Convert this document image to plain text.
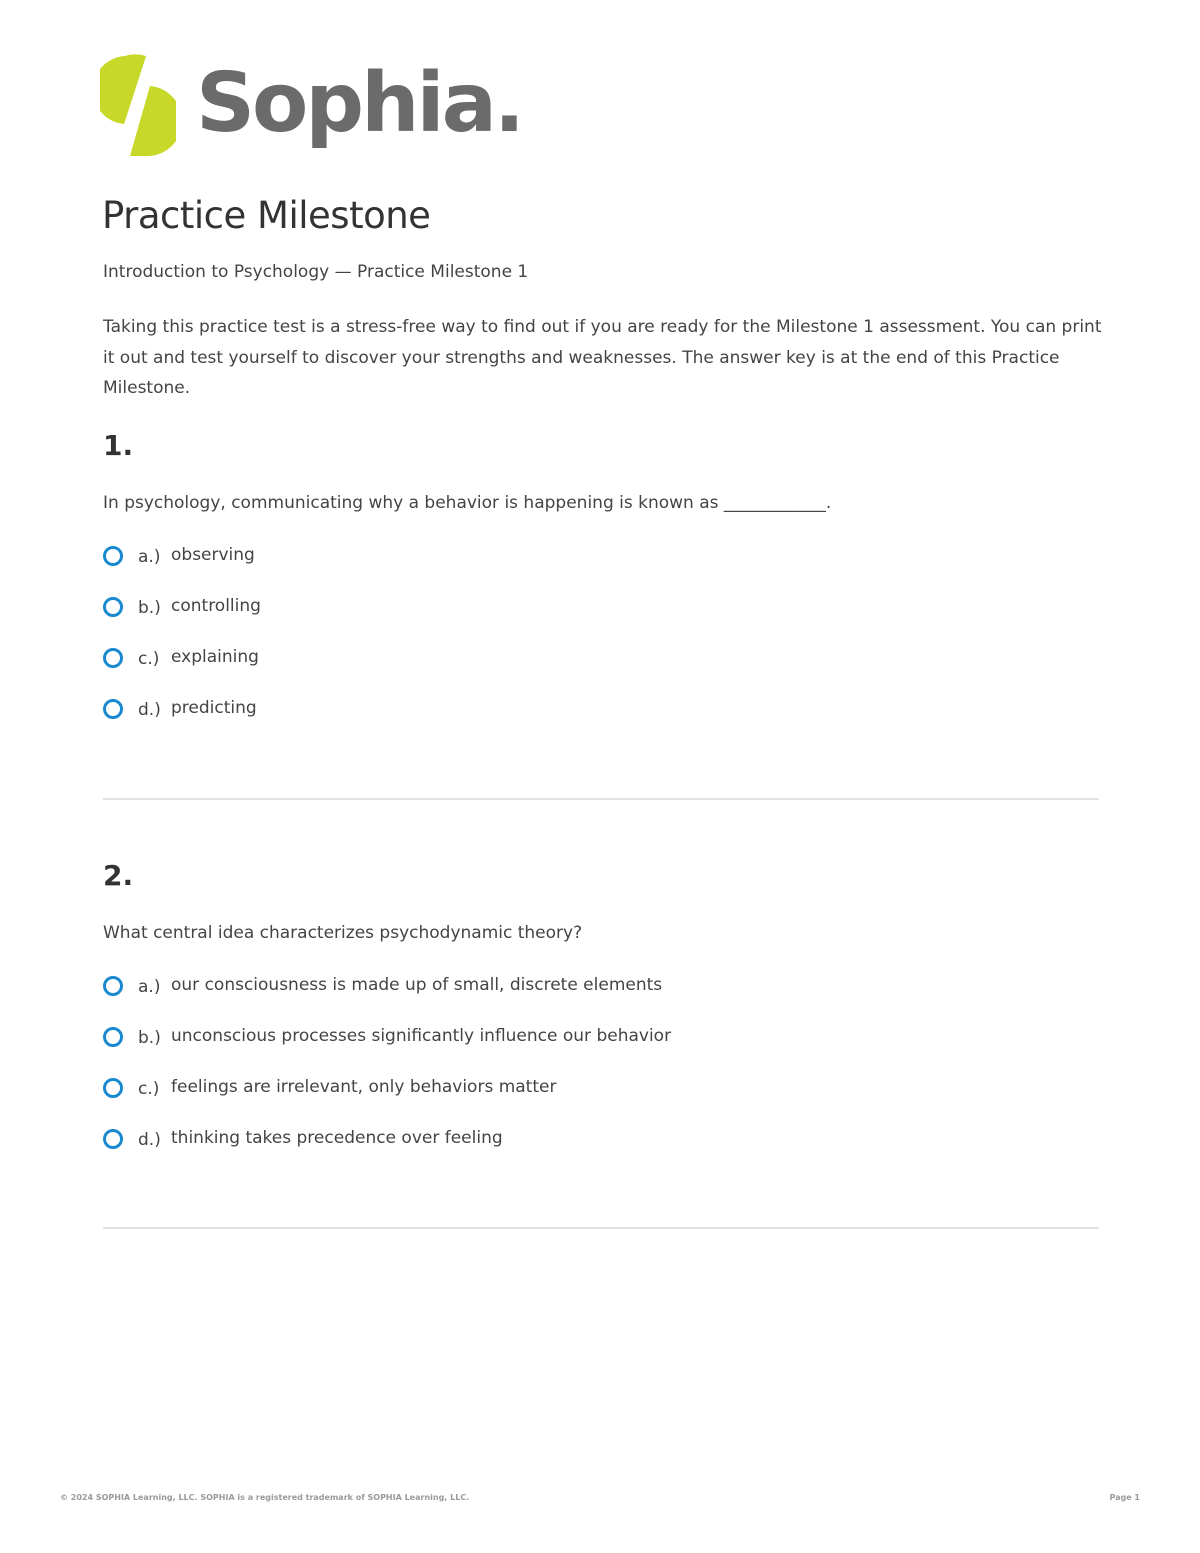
Sophia.
Practice Milestone
Introduction to Psychology — Practice Milestone 1
Taking this practice test is a stress-free way to find out if you are ready for the Milestone 1 assessment. You can print it out and test yourself to discover your strengths and weaknesses. The answer key is at the end of this Practice Milestone.
1.
In psychology, communicating why a behavior is happening is known as ____________.
a.) observing
b.) controlling
c.) explaining
d.) predicting
2.
What central idea characterizes psychodynamic theory?
a.) our consciousness is made up of small, discrete elements
b.) unconscious processes significantly influence our behavior
c.) feelings are irrelevant, only behaviors matter
d.) thinking takes precedence over feeling
© 2024 SOPHIA Learning, LLC. SOPHIA is a registered trademark of SOPHIA Learning, LLC.	Page 1
